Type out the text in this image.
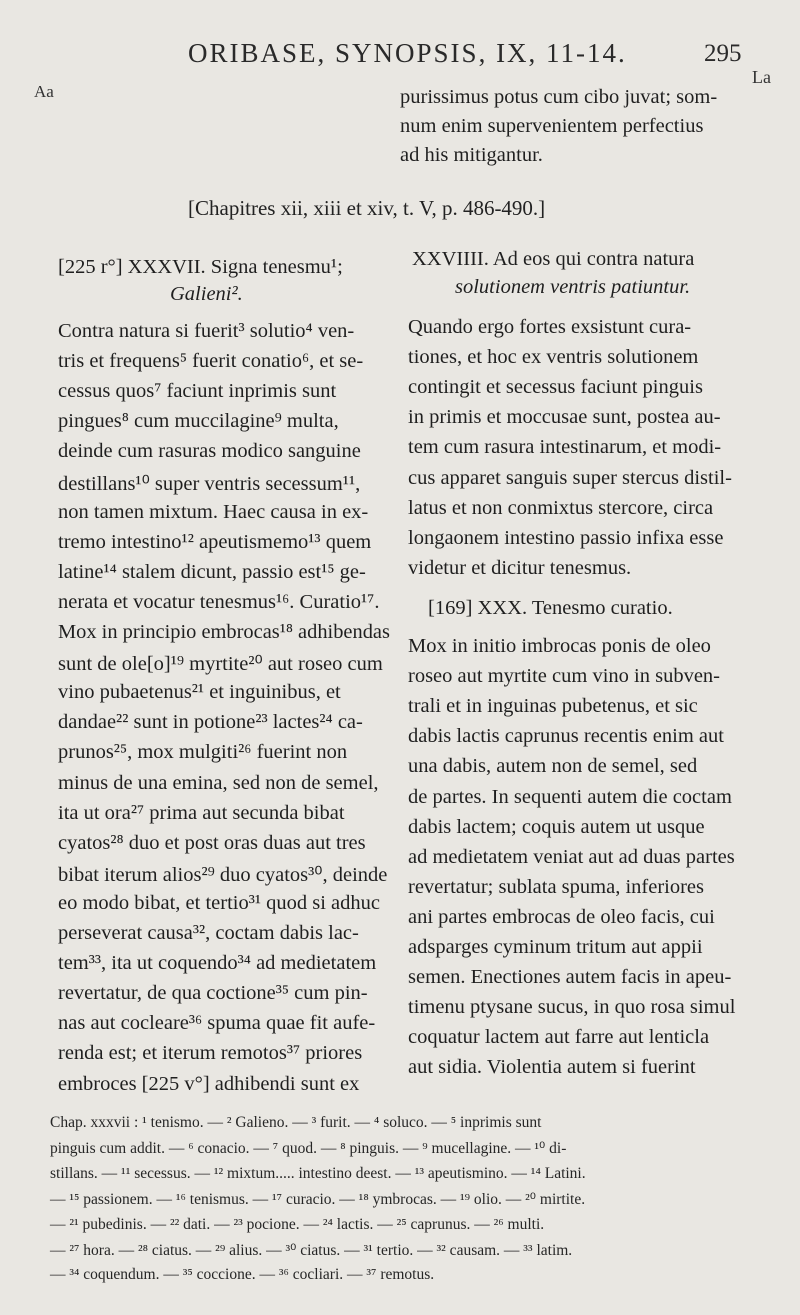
ORIBASE, SYNOPSIS, IX, 11-14.	295
La
Aa	purissimus potus cum cibo juvat; som-
num enim supervenientem perfectius
ad his mitigantur.
[Chapitres xii, xiii et xiv, t. V, p. 486-490.]
[225 r°] XXXVII. Signa tenesmu¹;
Galieni².
Contra natura si fuerit³ solutio⁴ ven-
tris et frequens⁵ fuerit conatio⁶, et se-
cessus quos⁷ faciunt inprimis sunt
pingues⁸ cum muccilagine⁹ multa,
deinde cum rasuras modico sanguine
destillans¹⁰ super ventris secessum¹¹,
non tamen mixtum. Haec causa in ex-
tremo intestino¹² apeutismemo¹³ quem
latine¹⁴ stalem dicunt, passio est¹⁵ ge-
nerata et vocatur tenesmus¹⁶. Curatio¹⁷.
Mox in principio embrocas¹⁸ adhibendas
sunt de ole[o]¹⁹ myrtite²⁰ aut roseo cum
vino pubaetenus²¹ et inguinibus, et
dandae²² sunt in potione²³ lactes²⁴ ca-
prunos²⁵, mox mulgiti²⁶ fuerint non
minus de una emina, sed non de semel,
ita ut ora²⁷ prima aut secunda bibat
cyatos²⁸ duo et post oras duas aut tres
bibat iterum alios²⁹ duo cyatos³⁰, deinde
eo modo bibat, et tertio³¹ quod si adhuc
perseverat causa³², coctam dabis lac-
tem³³, ita ut coquendo³⁴ ad medietatem
revertatur, de qua coctione³⁵ cum pin-
nas aut cocleare³⁶ spuma quae fit aufe-
renda est; et iterum remotos³⁷ priores
embroces [225 v°] adhibendi sunt ex
XXVIIII. Ad eos qui contra natura
solutionem ventris patiuntur.
Quando ergo fortes exsistunt cura-
tiones, et hoc ex ventris solutionem
contingit et secessus faciunt pinguis
in primis et moccusae sunt, postea au-
tem cum rasura intestinarum, et modi-
cus apparet sanguis super stercus distil-
latus et non conmixtus stercore, circa
longaonem intestino passio infixa esse
videtur et dicitur tenesmus.
[169] XXX. Tenesmo curatio.
Mox in initio imbrocas ponis de oleo
roseo aut myrtite cum vino in subven-
trali et in inguinas pubetenus, et sic
dabis lactis caprunus recentis enim aut
una dabis, autem non de semel, sed
de partes. In sequenti autem die coctam
dabis lactem; coquis autem ut usque
ad medietatem veniat aut ad duas partes
revertatur; sublata spuma, inferiores
ani partes embrocas de oleo facis, cui
adsparges cyminum tritum aut appii
semen. Enectiones autem facis in apeu-
timenu ptysane sucus, in quo rosa simul
coquatur lactem aut farre aut lenticla
aut sidia. Violentia autem si fuerint
Chap. xxxvii : ¹ tenismo. — ² Galieno. — ³ furit. — ⁴ soluco. — ⁵ inprimis sunt
pinguis cum addit. — ⁶ conacio. — ⁷ quod. — ⁸ pinguis. — ⁹ mucellagine. — ¹⁰ di-
stillans. — ¹¹ secessus. — ¹² mixtum..... intestino deest. — ¹³ apeutismino. — ¹⁴ Latini.
— ¹⁵ passionem. — ¹⁶ tenismus. — ¹⁷ curacio. — ¹⁸ ymbrocas. — ¹⁹ olio. — ²⁰ mirtite.
— ²¹ pubedinis. — ²² dati. — ²³ pocione. — ²⁴ lactis. — ²⁵ caprunus. — ²⁶ multi.
— ²⁷ hora. — ²⁸ ciatus. — ²⁹ alius. — ³⁰ ciatus. — ³¹ tertio. — ³² causam. — ³³ latim.
— ³⁴ coquendum. — ³⁵ coccione. — ³⁶ cocliari. — ³⁷ remotus.
